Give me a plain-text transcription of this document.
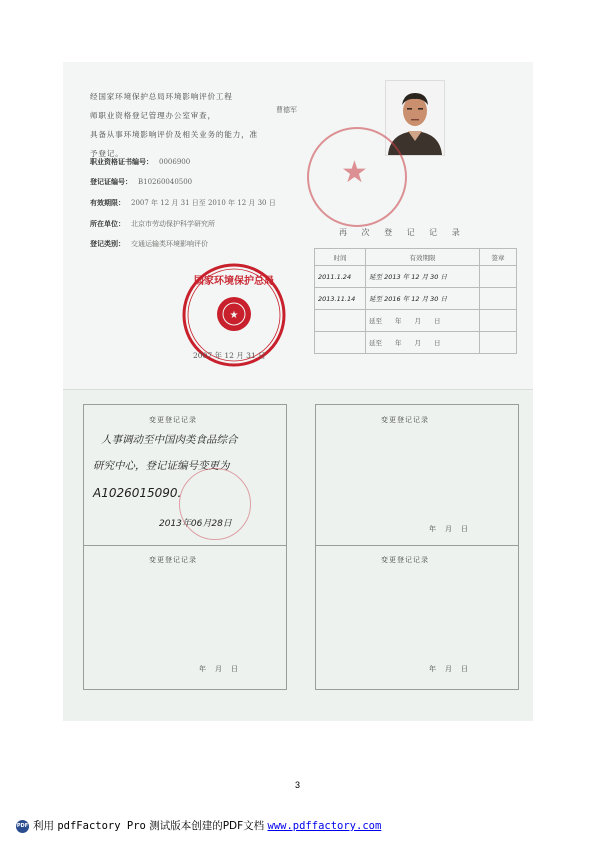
经国家环境保护总局环境影响评价工程
师职业资格登记管理办公室审查，
具备从事环境影响评价及相关业务的能力，准
予登记。
曹德军
职业资格证书编号： 0006900
登记证编号： B10260040500
有效期限： 2007 年 12 月 31 日至 2010 年 12 月 30 日
所在单位： 北京市劳动保护科学研究所
登记类别： 交通运输类环境影响评价
★
再 次 登 记 记 录
时间	有效期限	签章
2011.1.24	延至 2013 年 12 月 30 日	
2013.11.14	延至 2016 年 12 月 30 日	
	延至　　年　　月　　日	
	延至　　年　　月　　日	
★
国家环境保护总局
2007 年 12 月 31 日
变更登记记录	变更登记记录
变更登记记录	变更登记记录
人事调动至中国肉类食品综合
研究中心，登记证编号变更为
A1026015090.
2013年06月28日	年　月　日
年　月　日	年　月　日
3
PDF 利用 pdfFactory Pro 测试版本创建的PDF文档 www.pdffactory.com
